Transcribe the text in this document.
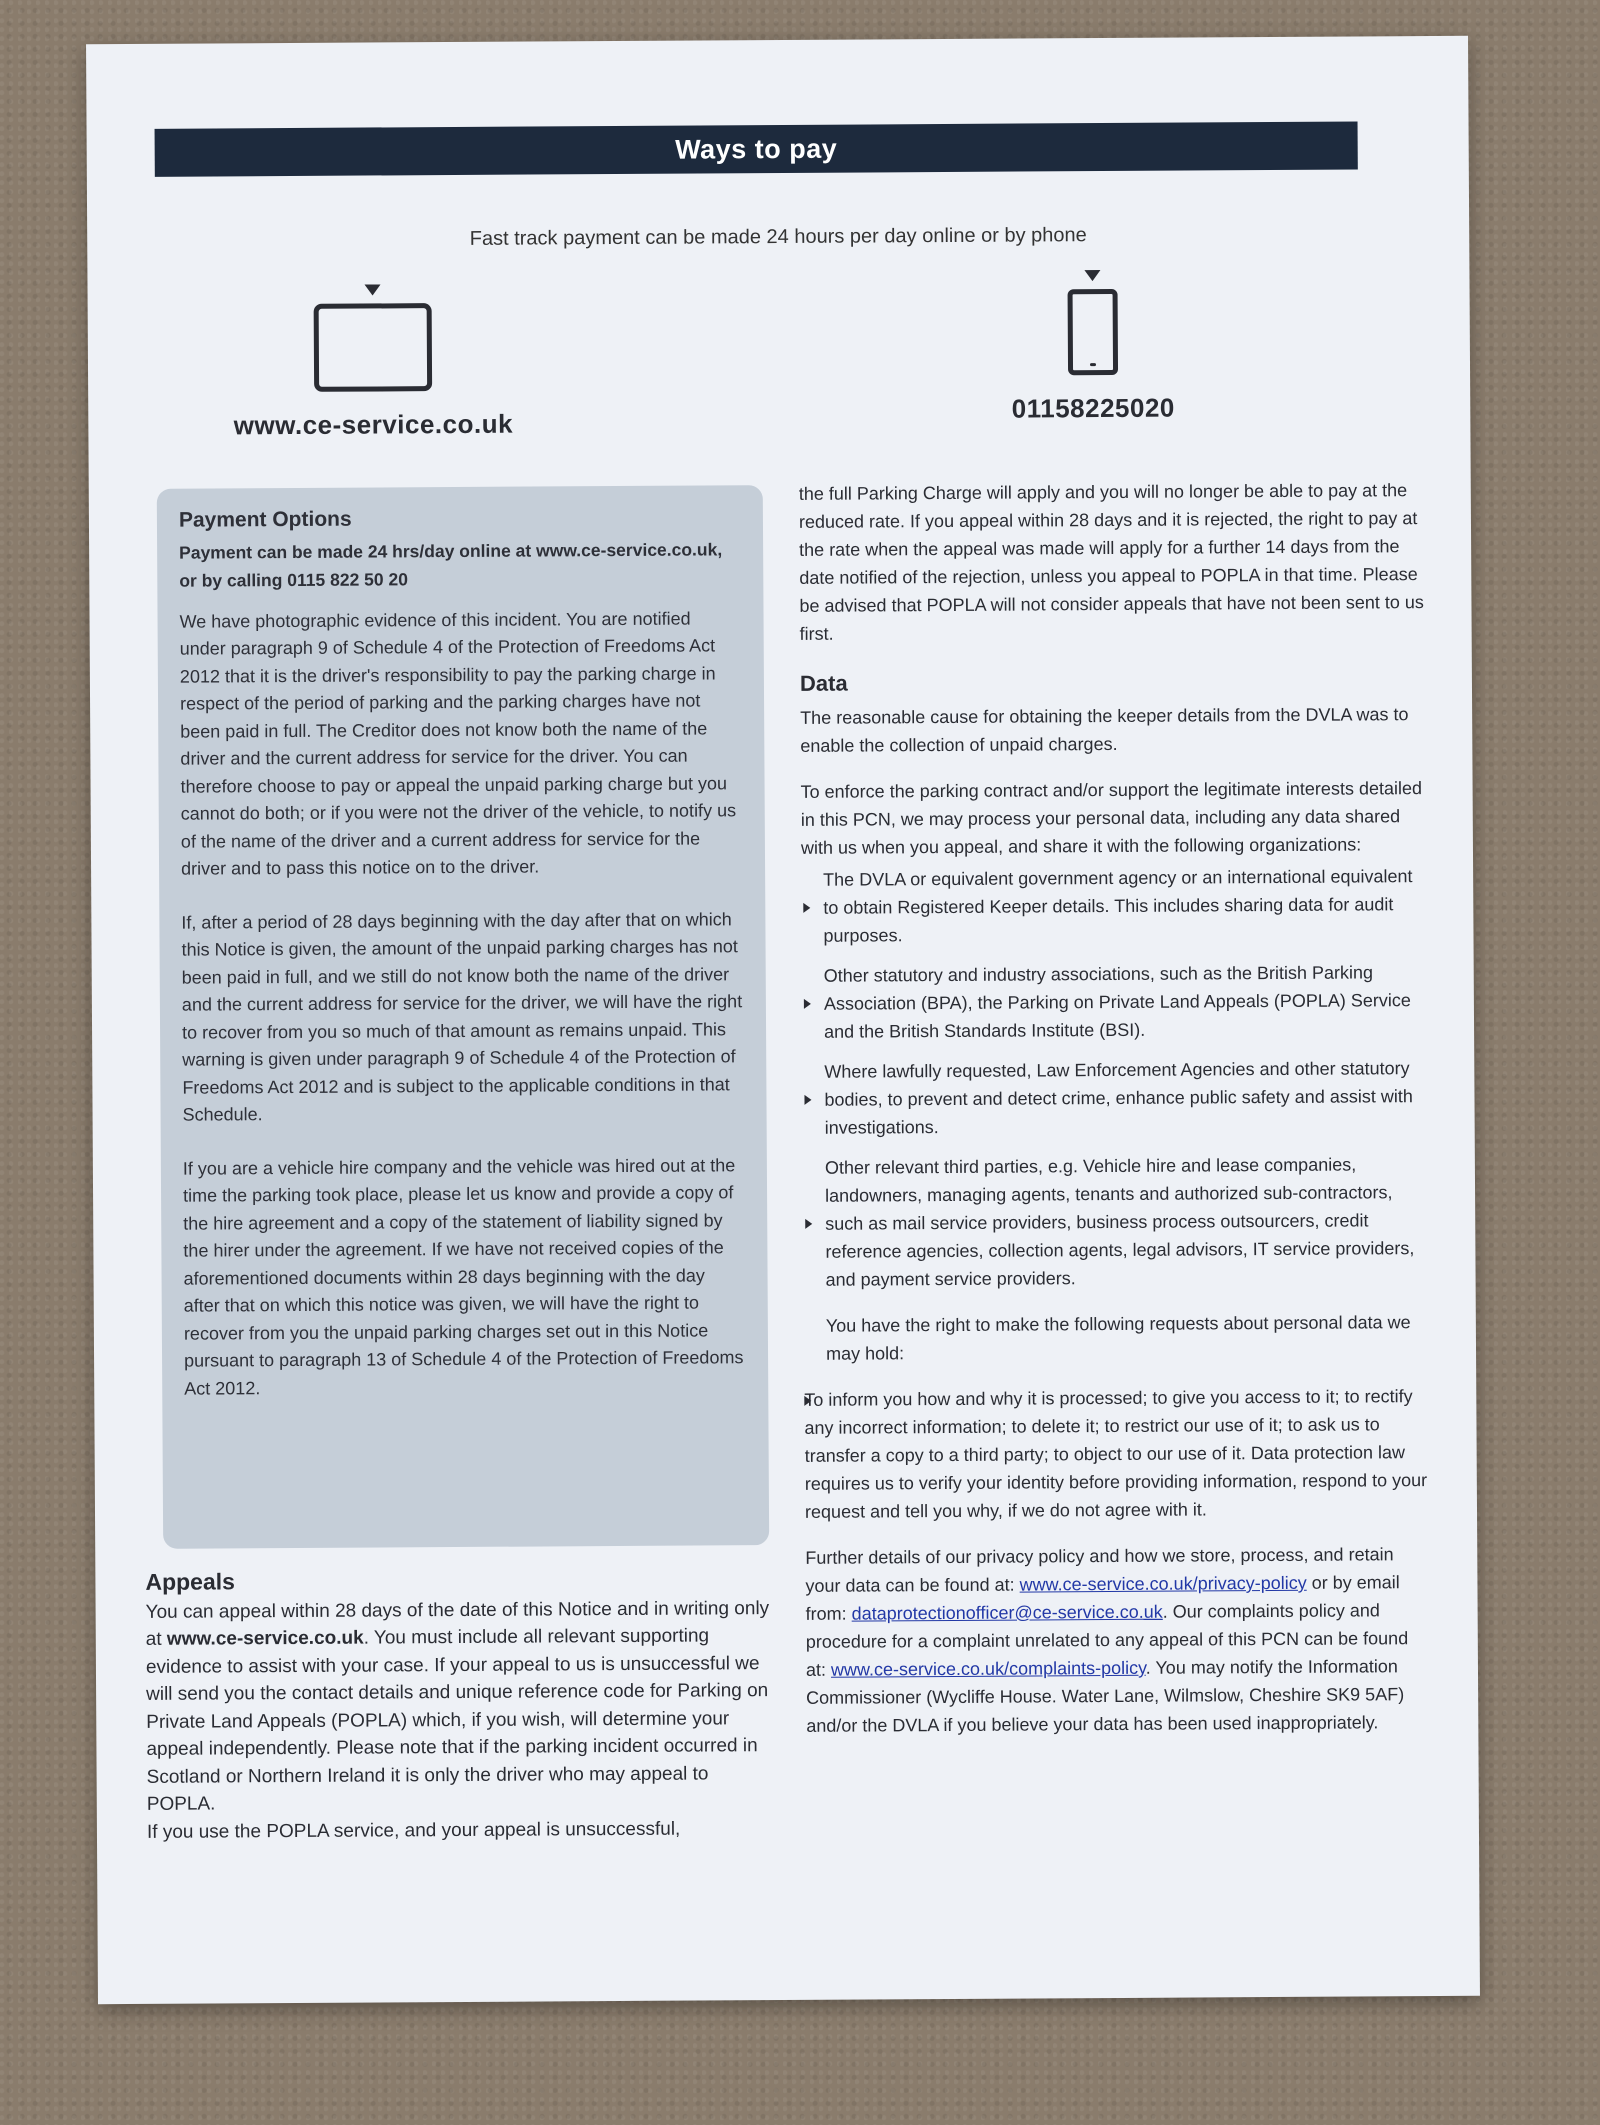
Ways to pay
Fast track payment can be made 24 hours per day online or by phone
www.ce-service.co.uk
01158225020
Payment Options
Payment can be made 24 hrs/day online at www.ce-service.co.uk, or by calling 0115 822 50 20

We have photographic evidence of this incident. You are notified under paragraph 9 of Schedule 4 of the Protection of Freedoms Act 2012 that it is the driver's responsibility to pay the parking charge in respect of the period of parking and the parking charges have not been paid in full. The Creditor does not know both the name of the driver and the current address for service for the driver. You can therefore choose to pay or appeal the unpaid parking charge but you cannot do both; or if you were not the driver of the vehicle, to notify us of the name of the driver and a current address for service for the driver and to pass this notice on to the driver.

If, after a period of 28 days beginning with the day after that on which this Notice is given, the amount of the unpaid parking charges has not been paid in full, and we still do not know both the name of the driver and the current address for service for the driver, we will have the right to recover from you so much of that amount as remains unpaid. This warning is given under paragraph 9 of Schedule 4 of the Protection of Freedoms Act 2012 and is subject to the applicable conditions in that Schedule.

If you are a vehicle hire company and the vehicle was hired out at the time the parking took place, please let us know and provide a copy of the hire agreement and a copy of the statement of liability signed by the hirer under the agreement. If we have not received copies of the aforementioned documents within 28 days beginning with the day after that on which this notice was given, we will have the right to recover from you the unpaid parking charges set out in this Notice pursuant to paragraph 13 of Schedule 4 of the Protection of Freedoms Act 2012.

Appeals

You can appeal within 28 days of the date of this Notice and in writing only at www.ce-service.co.uk. You must include all relevant supporting evidence to assist with your case. If your appeal to us is unsuccessful we will send you the contact details and unique reference code for Parking on Private Land Appeals (POPLA) which, if you wish, will determine your appeal independently. Please note that if the parking incident occurred in Scotland or Northern Ireland it is only the driver who may appeal to POPLA.

If you use the POPLA service, and your appeal is unsuccessful,

the full Parking Charge will apply and you will no longer be able to pay at the reduced rate. If you appeal within 28 days and it is rejected, the right to pay at the rate when the appeal was made will apply for a further 14 days from the date notified of the rejection, unless you appeal to POPLA in that time. Please be advised that POPLA will not consider appeals that have not been sent to us first.

Data

The reasonable cause for obtaining the keeper details from the DVLA was to enable the collection of unpaid charges.

To enforce the parking contract and/or support the legitimate interests detailed in this PCN, we may process your personal data, including any data shared with us when you appeal, and share it with the following organizations:

The DVLA or equivalent government agency or an international equivalent to obtain Registered Keeper details. This includes sharing data for audit purposes.
Other statutory and industry associations, such as the British Parking Association (BPA), the Parking on Private Land Appeals (POPLA) Service and the British Standards Institute (BSI).
Where lawfully requested, Law Enforcement Agencies and other statutory bodies, to prevent and detect crime, enhance public safety and assist with investigations.
Other relevant third parties, e.g. Vehicle hire and lease companies, landowners, managing agents, tenants and authorized sub-contractors, such as mail service providers, business process outsourcers, credit reference agencies, collection agents, legal advisors, IT service providers, and payment service providers.

You have the right to make the following requests about personal data we may hold:

To inform you how and why it is processed; to give you access to it; to rectify any incorrect information; to delete it; to restrict our use of it; to ask us to transfer a copy to a third party; to object to our use of it. Data protection law requires us to verify your identity before providing information, respond to your request and tell you why, if we do not agree with it.

Further details of our privacy policy and how we store, process, and retain your data can be found at: www.ce-service.co.uk/privacy-policy or by email from: dataprotectionofficer@ce-service.co.uk. Our complaints policy and procedure for a complaint unrelated to any appeal of this PCN can be found at: www.ce-service.co.uk/complaints-policy. You may notify the Information Commissioner (Wycliffe House. Water Lane, Wilmslow, Cheshire SK9 5AF) and/or the DVLA if you believe your data has been used inappropriately.
